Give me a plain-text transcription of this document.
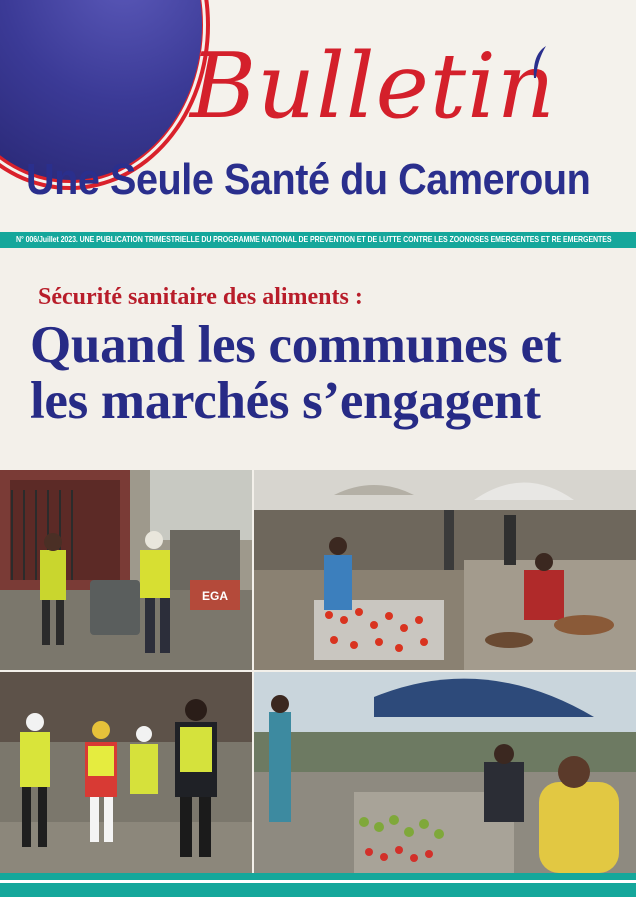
Bulletin
Une Seule Santé du Cameroun
N° 006/Juillet 2023. UNE PUBLICATION TRIMESTRIELLE DU PROGRAMME NATIONAL DE PREVENTION ET DE LUTTE CONTRE LES ZOONOSES EMERGENTES ET RE EMERGENTES
Sécurité sanitaire des aliments :
Quand les communes et
les marchés s’engagent
EGA
